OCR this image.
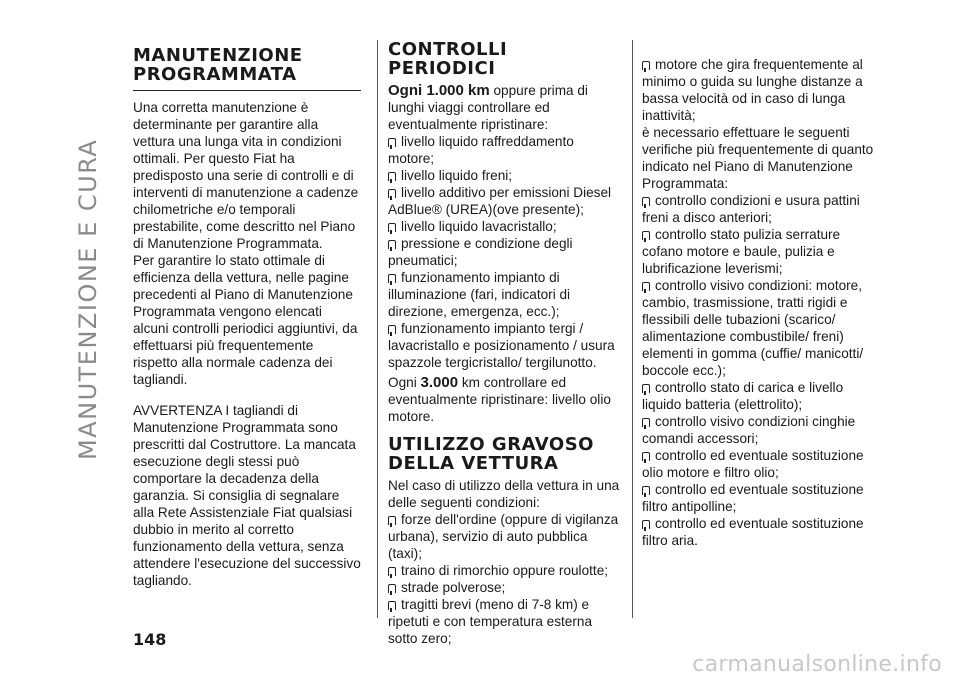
MANUTENZIONE E CURA
MANUTENZIONE PROGRAMMATA

Una corretta manutenzione è determinante per garantire alla vettura una lunga vita in condizioni ottimali. Per questo Fiat ha predisposto una serie di controlli e di interventi di manutenzione a cadenze chilometriche e/o temporali prestabilite, come descritto nel Piano di Manutenzione Programmata.

Per garantire lo stato ottimale di efficienza della vettura, nelle pagine precedenti al Piano di Manutenzione Programmata vengono elencati alcuni controlli periodici aggiuntivi, da effettuarsi più frequentemente rispetto alla normale cadenza dei tagliandi.

AVVERTENZA I tagliandi di Manutenzione Programmata sono prescritti dal Costruttore. La mancata esecuzione degli stessi può comportare la decadenza della garanzia. Si consiglia di segnalare alla Rete Assistenziale Fiat qualsiasi dubbio in merito al corretto funzionamento della vettura, senza attendere l'esecuzione del successivo tagliando.

CONTROLLI PERIODICI

Ogni 1.000 km oppure prima di lunghi viaggi controllare ed eventualmente ripristinare:

livello liquido raffreddamento motore;

livello liquido freni;

livello additivo per emissioni Diesel AdBlue® (UREA)(ove presente);

livello liquido lavacristallo;

pressione e condizione degli pneumatici;

funzionamento impianto di illuminazione (fari, indicatori di direzione, emergenza, ecc.);

funzionamento impianto tergi / lavacristallo e posizionamento / usura spazzole tergicristallo/ tergilunotto.

Ogni 3.000 km controllare ed eventualmente ripristinare: livello olio motore.

UTILIZZO GRAVOSO DELLA VETTURA

Nel caso di utilizzo della vettura in una delle seguenti condizioni:

forze dell'ordine (oppure di vigilanza urbana), servizio di auto pubblica (taxi);

traino di rimorchio oppure roulotte;

strade polverose;

tragitti brevi (meno di 7-8 km) e ripetuti e con temperatura esterna sotto zero;

motore che gira frequentemente al minimo o guida su lunghe distanze a bassa velocità od in caso di lunga inattività;

è necessario effettuare le seguenti verifiche più frequentemente di quanto indicato nel Piano di Manutenzione Programmata:

controllo condizioni e usura pattini freni a disco anteriori;

controllo stato pulizia serrature cofano motore e baule, pulizia e lubrificazione leverismi;

controllo visivo condizioni: motore, cambio, trasmissione, tratti rigidi e flessibili delle tubazioni (scarico/ alimentazione combustibile/ freni) elementi in gomma (cuffie/ manicotti/ boccole ecc.);

controllo stato di carica e livello liquido batteria (elettrolito);

controllo visivo condizioni cinghie comandi accessori;

controllo ed eventuale sostituzione olio motore e filtro olio;

controllo ed eventuale sostituzione filtro antipolline;

controllo ed eventuale sostituzione filtro aria.

148
carmanualsonline.info
